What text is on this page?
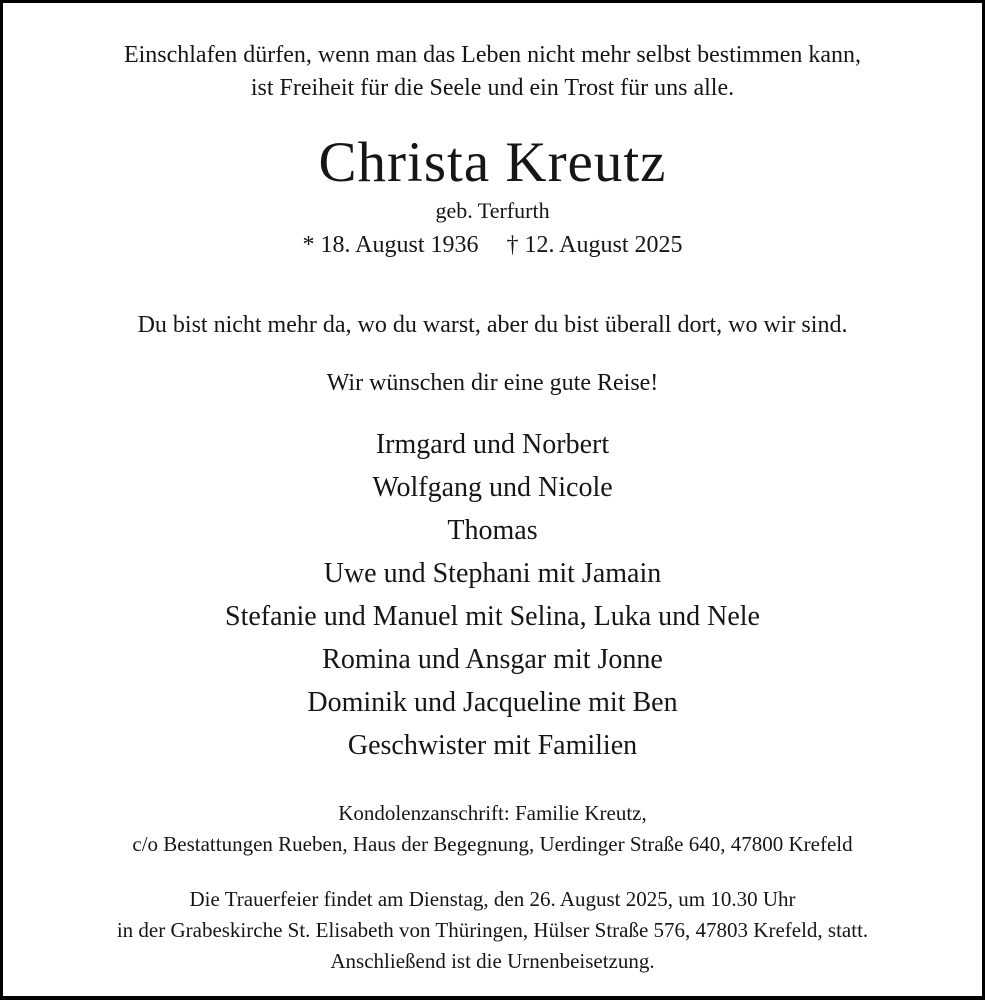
Einschlafen dürfen, wenn man das Leben nicht mehr selbst bestimmen kann,
ist Freiheit für die Seele und ein Trost für uns alle.
Christa Kreutz
geb. Terfurth
* 18. August 1936 † 12. August 2025
Du bist nicht mehr da, wo du warst, aber du bist überall dort, wo wir sind.
Wir wünschen dir eine gute Reise!
Irmgard und Norbert
Wolfgang und Nicole
Thomas
Uwe und Stephani mit Jamain
Stefanie und Manuel mit Selina, Luka und Nele
Romina und Ansgar mit Jonne
Dominik und Jacqueline mit Ben
Geschwister mit Familien
Kondolenzanschrift: Familie Kreutz,
c/o Bestattungen Rueben, Haus der Begegnung, Uerdinger Straße 640, 47800 Krefeld
Die Trauerfeier findet am Dienstag, den 26. August 2025, um 10.30 Uhr
in der Grabeskirche St. Elisabeth von Thüringen, Hülser Straße 576, 47803 Krefeld, statt.
Anschließend ist die Urnenbeisetzung.
